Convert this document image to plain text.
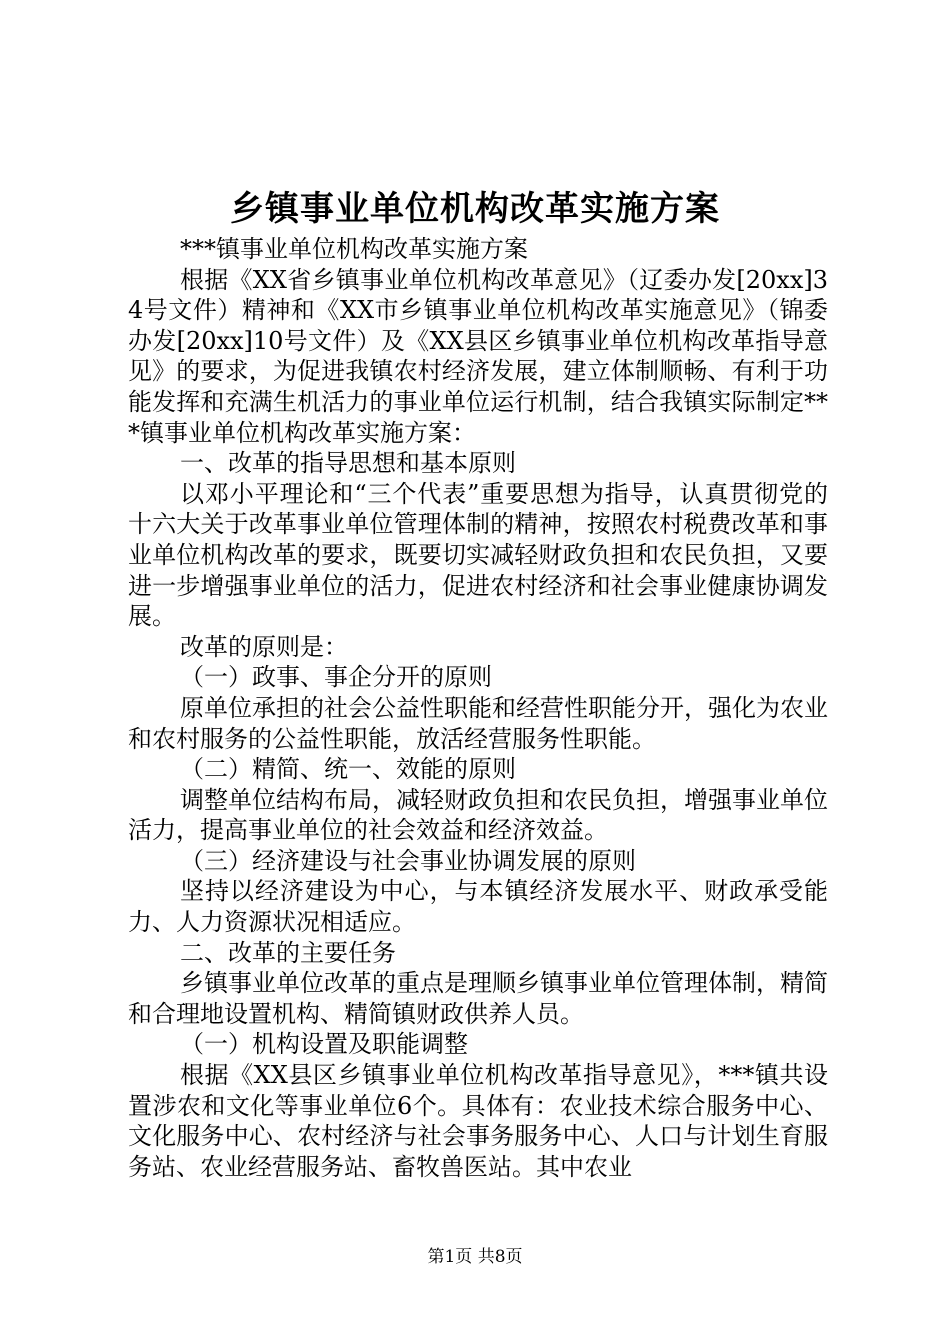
乡镇事业单位机构改革实施方案

***镇事业单位机构改革实施方案

根据《XX省乡镇事业单位机构改革意见》（辽委办发[20xx]34号文件）精神和《XX市乡镇事业单位机构改革实施意见》（锦委办发[20xx]10号文件）及《XX县区乡镇事业单位机构改革指导意见》的要求，为促进我镇农村经济发展，建立体制顺畅、有利于功能发挥和充满生机活力的事业单位运行机制，结合我镇实际制定***镇事业单位机构改革实施方案：

一、改革的指导思想和基本原则

以邓小平理论和“三个代表”重要思想为指导，认真贯彻党的十六大关于改革事业单位管理体制的精神，按照农村税费改革和事业单位机构改革的要求，既要切实减轻财政负担和农民负担，又要进一步增强事业单位的活力，促进农村经济和社会事业健康协调发展。

改革的原则是：

（一）政事、事企分开的原则

原单位承担的社会公益性职能和经营性职能分开，强化为农业和农村服务的公益性职能，放活经营服务性职能。

（二）精简、统一、效能的原则

调整单位结构布局，减轻财政负担和农民负担，增强事业单位活力，提高事业单位的社会效益和经济效益。

（三）经济建设与社会事业协调发展的原则

坚持以经济建设为中心，与本镇经济发展水平、财政承受能力、人力资源状况相适应。

二、改革的主要任务

乡镇事业单位改革的重点是理顺乡镇事业单位管理体制，精简和合理地设置机构、精简镇财政供养人员。

（一）机构设置及职能调整

根据《XX县区乡镇事业单位机构改革指导意见》，***镇共设置涉农和文化等事业单位6个。具体有：农业技术综合服务中心、文化服务中心、农村经济与社会事务服务中心、人口与计划生育服务站、农业经营服务站、畜牧兽医站。其中农业

第1页 共8页
